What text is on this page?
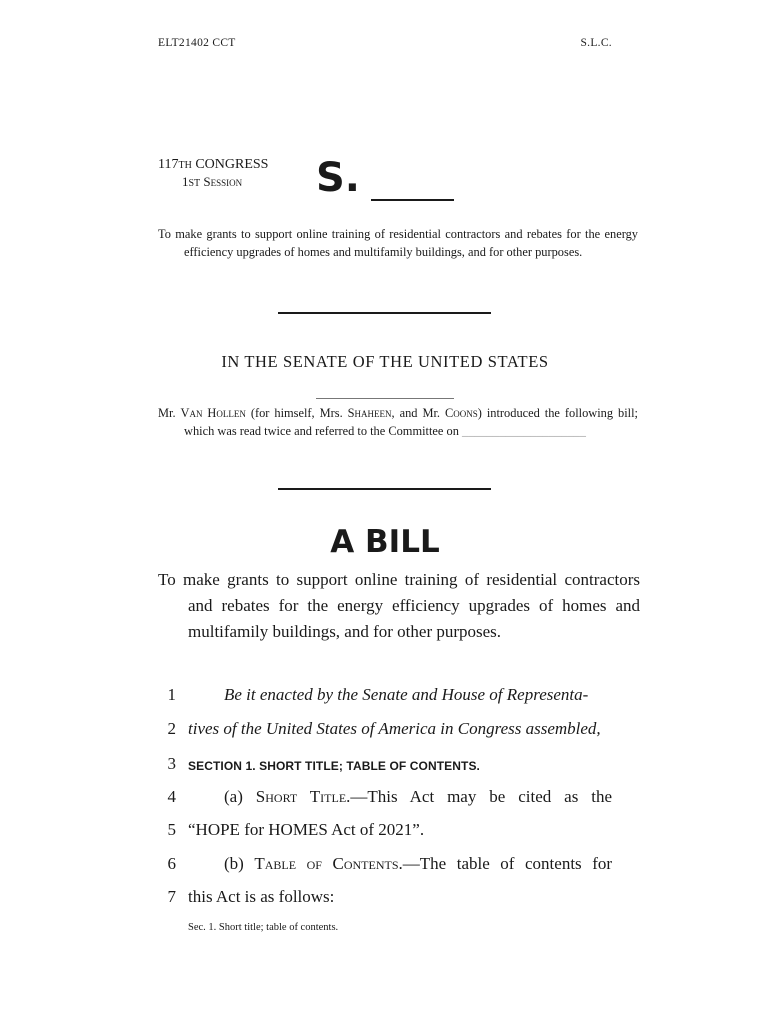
ELT21402 CCT	S.L.C.
117TH CONGRESS
1ST Session S.
To make grants to support online training of residential contractors and rebates for the energy efficiency upgrades of homes and multifamily buildings, and for other purposes.
IN THE SENATE OF THE UNITED STATES
Mr. Van Hollen (for himself, Mrs. Shaheen, and Mr. Coons) introduced the following bill; which was read twice and referred to the Committee on ____________________
A BILL
To make grants to support online training of residential contractors and rebates for the energy efficiency upgrades of homes and multifamily buildings, and for other purposes.
1	Be it enacted by the Senate and House of Representa-
2 tives of the United States of America in Congress assembled,
3 SECTION 1. SHORT TITLE; TABLE OF CONTENTS.
4	(a) Short Title.—This Act may be cited as the
5 “HOPE for HOMES Act of 2021”.
6	(b) Table of Contents.—The table of contents for
7 this Act is as follows:
Sec. 1. Short title; table of contents.
